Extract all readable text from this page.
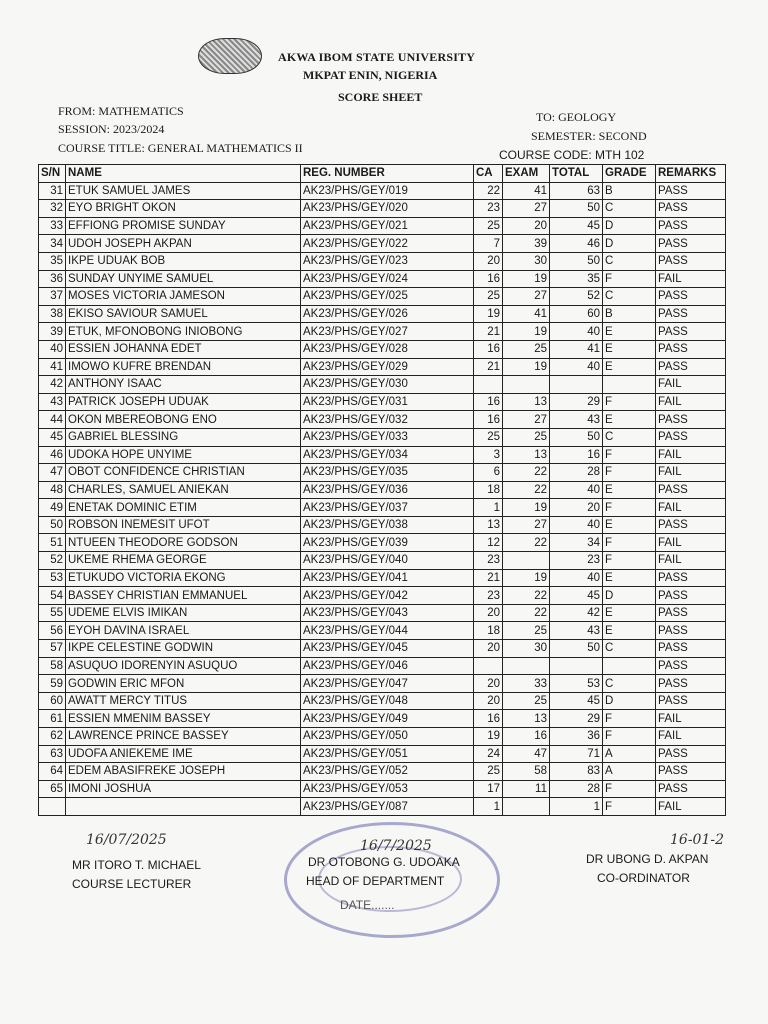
AKWA IBOM STATE UNIVERSITY
MKPAT ENIN, NIGERIA
SCORE SHEET
FROM: MATHEMATICS
SESSION: 2023/2024
COURSE TITLE: GENERAL MATHEMATICS II
TO: GEOLOGY
SEMESTER: SECOND
COURSE CODE: MTH 102
S/N	NAME	REG. NUMBER	CA	EXAM	TOTAL	GRADE	REMARKS
31	ETUK SAMUEL JAMES	AK23/PHS/GEY/019	22	41	63	B	PASS
32	EYO BRIGHT OKON	AK23/PHS/GEY/020	23	27	50	C	PASS
33	EFFIONG PROMISE SUNDAY	AK23/PHS/GEY/021	25	20	45	D	PASS
34	UDOH JOSEPH AKPAN	AK23/PHS/GEY/022	7	39	46	D	PASS
35	IKPE UDUAK BOB	AK23/PHS/GEY/023	20	30	50	C	PASS
36	SUNDAY UNYIME SAMUEL	AK23/PHS/GEY/024	16	19	35	F	FAIL
37	MOSES VICTORIA JAMESON	AK23/PHS/GEY/025	25	27	52	C	PASS
38	EKISO SAVIOUR SAMUEL	AK23/PHS/GEY/026	19	41	60	B	PASS
39	ETUK, MFONOBONG INIOBONG	AK23/PHS/GEY/027	21	19	40	E	PASS
40	ESSIEN JOHANNA EDET	AK23/PHS/GEY/028	16	25	41	E	PASS
41	IMOWO KUFRE BRENDAN	AK23/PHS/GEY/029	21	19	40	E	PASS
42	ANTHONY ISAAC	AK23/PHS/GEY/030					FAIL
43	PATRICK JOSEPH UDUAK	AK23/PHS/GEY/031	16	13	29	F	FAIL
44	OKON MBEREOBONG ENO	AK23/PHS/GEY/032	16	27	43	E	PASS
45	GABRIEL BLESSING	AK23/PHS/GEY/033	25	25	50	C	PASS
46	UDOKA HOPE UNYIME	AK23/PHS/GEY/034	3	13	16	F	FAIL
47	OBOT CONFIDENCE CHRISTIAN	AK23/PHS/GEY/035	6	22	28	F	FAIL
48	CHARLES, SAMUEL ANIEKAN	AK23/PHS/GEY/036	18	22	40	E	PASS
49	ENETAK DOMINIC ETIM	AK23/PHS/GEY/037	1	19	20	F	FAIL
50	ROBSON INEMESIT UFOT	AK23/PHS/GEY/038	13	27	40	E	PASS
51	NTUEEN THEODORE GODSON	AK23/PHS/GEY/039	12	22	34	F	FAIL
52	UKEME RHEMA GEORGE	AK23/PHS/GEY/040	23		23	F	FAIL
53	ETUKUDO VICTORIA EKONG	AK23/PHS/GEY/041	21	19	40	E	PASS
54	BASSEY CHRISTIAN EMMANUEL	AK23/PHS/GEY/042	23	22	45	D	PASS
55	UDEME ELVIS IMIKAN	AK23/PHS/GEY/043	20	22	42	E	PASS
56	EYOH DAVINA ISRAEL	AK23/PHS/GEY/044	18	25	43	E	PASS
57	IKPE CELESTINE GODWIN	AK23/PHS/GEY/045	20	30	50	C	PASS
58	ASUQUO IDORENYIN ASUQUO	AK23/PHS/GEY/046					PASS
59	GODWIN ERIC MFON	AK23/PHS/GEY/047	20	33	53	C	PASS
60	AWATT MERCY TITUS	AK23/PHS/GEY/048	20	25	45	D	PASS
61	ESSIEN MMENIM BASSEY	AK23/PHS/GEY/049	16	13	29	F	FAIL
62	LAWRENCE PRINCE BASSEY	AK23/PHS/GEY/050	19	16	36	F	FAIL
63	UDOFA ANIEKEME IME	AK23/PHS/GEY/051	24	47	71	A	PASS
64	EDEM ABASIFREKE JOSEPH	AK23/PHS/GEY/052	25	58	83	A	PASS
65	IMONI JOSHUA	AK23/PHS/GEY/053	17	11	28	F	PASS
		AK23/PHS/GEY/087	1		1	F	FAIL
16/07/2025
MR ITORO T. MICHAEL
COURSE LECTURER
16/7/2025
DR OTOBONG G. UDOAKA
HEAD OF DEPARTMENT
DATE.......
16-01-2
DR UBONG D. AKPAN
CO-ORDINATOR
